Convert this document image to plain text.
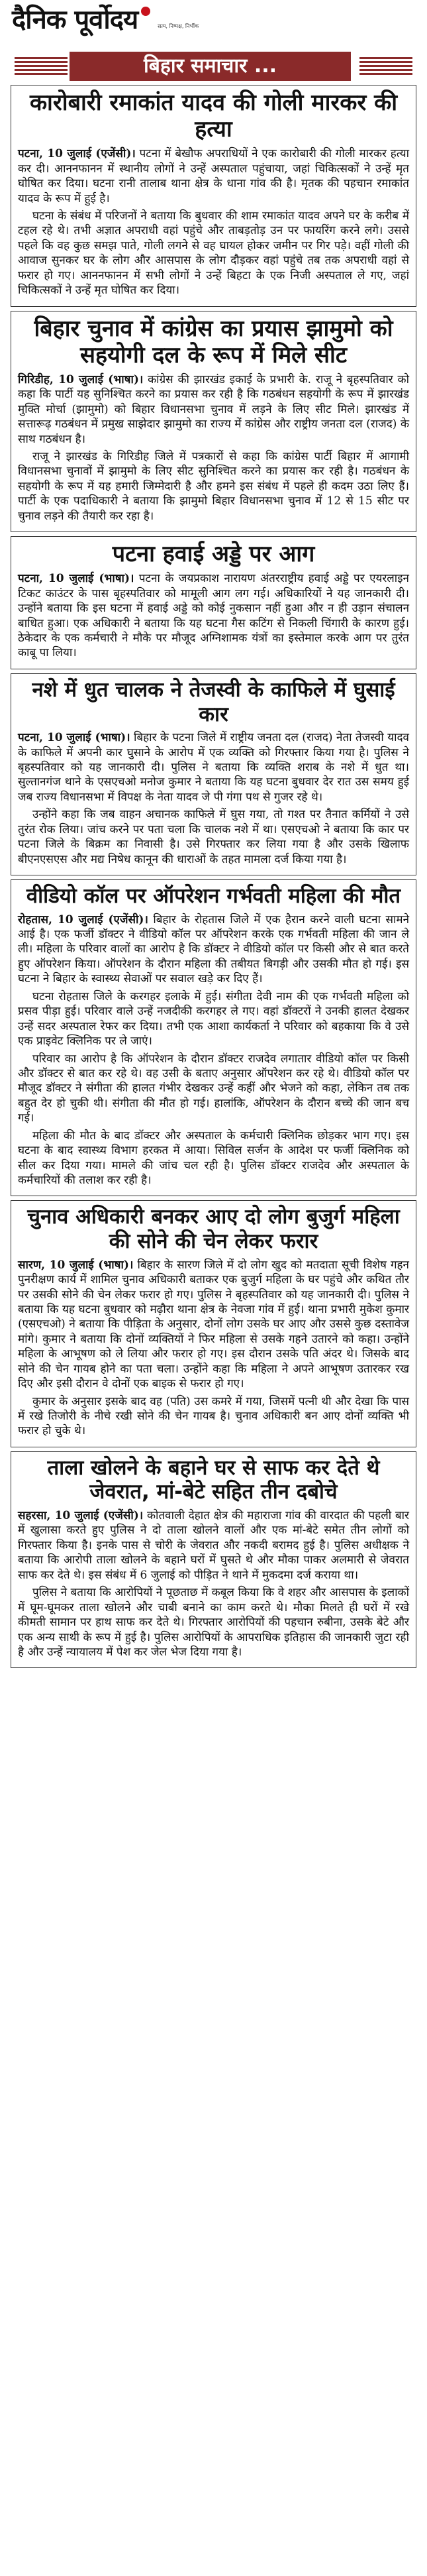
दैनिक पूर्वोदय	सत्य, निष्पक्ष, निर्भीक
बिहार समाचार ...
कारोबारी रमाकांत यादव की गोली मारकर की हत्या

पटना, 10 जुलाई (एजेंसी)। पटना में बेखौफ अपराधियों ने एक कारोबारी की गोली मारकर हत्या कर दी। आननफानन में स्थानीय लोगों ने उन्हें अस्पताल पहुंचाया, जहां चिकित्सकों ने उन्हें मृत घोषित कर दिया। घटना रानी तालाब थाना क्षेत्र के धाना गांव की है। मृतक की पहचान रमाकांत यादव के रूप में हुई है।

घटना के संबंध में परिजनों ने बताया कि बुधवार की शाम रमाकांत यादव अपने घर के करीब में टहल रहे थे। तभी अज्ञात अपराधी वहां पहुंचे और ताबड़तोड़ उन पर फायरिंग करने लगे। उससे पहले कि वह कुछ समझ पाते, गोली लगने से वह घायल होकर जमीन पर गिर पड़े। वहीं गोली की आवाज सुनकर घर के लोग और आसपास के लोग दौड़कर वहां पहुंचे तब तक अपराधी वहां से फरार हो गए। आननफानन में सभी लोगों ने उन्हें बिहटा के एक निजी अस्पताल ले गए, जहां चिकित्सकों ने उन्हें मृत घोषित कर दिया।

बिहार चुनाव में कांग्रेस का प्रयास झामुमो को सहयोगी दल के रूप में मिले सीट

गिरिडीह, 10 जुलाई (भाषा)। कांग्रेस की झारखंड इकाई के प्रभारी के. राजू ने बृहस्पतिवार को कहा कि पार्टी यह सुनिश्चित करने का प्रयास कर रही है कि गठबंधन सहयोगी के रूप में झारखंड मुक्ति मोर्चा (झामुमो) को बिहार विधानसभा चुनाव में लड़ने के लिए सीट मिले। झारखंड में सत्तारूढ़ गठबंधन में प्रमुख साझेदार झामुमो का राज्य में कांग्रेस और राष्ट्रीय जनता दल (राजद) के साथ गठबंधन है।

राजू ने झारखंड के गिरिडीह जिले में पत्रकारों से कहा कि कांग्रेस पार्टी बिहार में आगामी विधानसभा चुनावों में झामुमो के लिए सीट सुनिश्चित करने का प्रयास कर रही है। गठबंधन के सहयोगी के रूप में यह हमारी जिम्मेदारी है और हमने इस संबंध में पहले ही कदम उठा लिए हैं। पार्टी के एक पदाधिकारी ने बताया कि झामुमो बिहार विधानसभा चुनाव में 12 से 15 सीट पर चुनाव लड़ने की तैयारी कर रहा है।

पटना हवाई अड्डे पर आग

पटना, 10 जुलाई (भाषा)। पटना के जयप्रकाश नारायण अंतरराष्ट्रीय हवाई अड्डे पर एयरलाइन टिकट काउंटर के पास बृहस्पतिवार को मामूली आग लग गई। अधिकारियों ने यह जानकारी दी। उन्होंने बताया कि इस घटना में हवाई अड्डे को कोई नुकसान नहीं हुआ और न ही उड़ान संचालन बाधित हुआ। एक अधिकारी ने बताया कि यह घटना गैस कटिंग से निकली चिंगारी के कारण हुई। ठेकेदार के एक कर्मचारी ने मौके पर मौजूद अग्निशामक यंत्रों का इस्तेमाल करके आग पर तुरंत काबू पा लिया।

नशे में धुत चालक ने तेजस्वी के काफिले में घुसाई कार

पटना, 10 जुलाई (भाषा)। बिहार के पटना जिले में राष्ट्रीय जनता दल (राजद) नेता तेजस्वी यादव के काफिले में अपनी कार घुसाने के आरोप में एक व्यक्ति को गिरफ्तार किया गया है। पुलिस ने बृहस्पतिवार को यह जानकारी दी। पुलिस ने बताया कि व्यक्ति शराब के नशे में धुत था। सुल्तानगंज थाने के एसएचओ मनोज कुमार ने बताया कि यह घटना बुधवार देर रात उस समय हुई जब राज्य विधानसभा में विपक्ष के नेता यादव जे पी गंगा पथ से गुजर रहे थे।

उन्होंने कहा कि जब वाहन अचानक काफिले में घुस गया, तो गश्त पर तैनात कर्मियों ने उसे तुरंत रोक लिया। जांच करने पर पता चला कि चालक नशे में था। एसएचओ ने बताया कि कार पर पटना जिले के बिक्रम का निवासी है। उसे गिरफ्तार कर लिया गया है और उसके खिलाफ बीएनएसएस और मद्य निषेध कानून की धाराओं के तहत मामला दर्ज किया गया है।

वीडियो कॉल पर ऑपरेशन गर्भवती महिला की मौत

रोहतास, 10 जुलाई (एजेंसी)। बिहार के रोहतास जिले में एक हैरान करने वाली घटना सामने आई है। एक फर्जी डॉक्टर ने वीडियो कॉल पर ऑपरेशन करके एक गर्भवती महिला की जान ले ली। महिला के परिवार वालों का आरोप है कि डॉक्टर ने वीडियो कॉल पर किसी और से बात करते हुए ऑपरेशन किया। ऑपरेशन के दौरान महिला की तबीयत बिगड़ी और उसकी मौत हो गई। इस घटना ने बिहार के स्वास्थ्य सेवाओं पर सवाल खड़े कर दिए हैं।

घटना रोहतास जिले के करगहर इलाके में हुई। संगीता देवी नाम की एक गर्भवती महिला को प्रसव पीड़ा हुई। परिवार वाले उन्हें नजदीकी करगहर ले गए। वहां डॉक्टरों ने उनकी हालत देखकर उन्हें सदर अस्पताल रेफर कर दिया। तभी एक आशा कार्यकर्ता ने परिवार को बहकाया कि वे उसे एक प्राइवेट क्लिनिक पर ले जाएं।

परिवार का आरोप है कि ऑपरेशन के दौरान डॉक्टर राजदेव लगातार वीडियो कॉल पर किसी और डॉक्टर से बात कर रहे थे। वह उसी के बताए अनुसार ऑपरेशन कर रहे थे। वीडियो कॉल पर मौजूद डॉक्टर ने संगीता की हालत गंभीर देखकर उन्हें कहीं और भेजने को कहा, लेकिन तब तक बहुत देर हो चुकी थी। संगीता की मौत हो गई। हालांकि, ऑपरेशन के दौरान बच्चे की जान बच गई।

महिला की मौत के बाद डॉक्टर और अस्पताल के कर्मचारी क्लिनिक छोड़कर भाग गए। इस घटना के बाद स्वास्थ्य विभाग हरकत में आया। सिविल सर्जन के आदेश पर फर्जी क्लिनिक को सील कर दिया गया। मामले की जांच चल रही है। पुलिस डॉक्टर राजदेव और अस्पताल के कर्मचारियों की तलाश कर रही है।

चुनाव अधिकारी बनकर आए दो लोग बुजुर्ग महिला की सोने की चेन लेकर फरार

सारण, 10 जुलाई (भाषा)। बिहार के सारण जिले में दो लोग खुद को मतदाता सूची विशेष गहन पुनरीक्षण कार्य में शामिल चुनाव अधिकारी बताकर एक बुजुर्ग महिला के घर पहुंचे और कथित तौर पर उसकी सोने की चेन लेकर फरार हो गए। पुलिस ने बृहस्पतिवार को यह जानकारी दी। पुलिस ने बताया कि यह घटना बुधवार को मढ़ौरा थाना क्षेत्र के नेवजा गांव में हुई। थाना प्रभारी मुकेश कुमार (एसएचओ) ने बताया कि पीड़िता के अनुसार, दोनों लोग उसके घर आए और उससे कुछ दस्तावेज मांगे। कुमार ने बताया कि दोनों व्यक्तियों ने फिर महिला से उसके गहने उतारने को कहा। उन्होंने महिला के आभूषण को ले लिया और फरार हो गए। इस दौरान उसके पति अंदर थे। जिसके बाद सोने की चेन गायब होने का पता चला। उन्होंने कहा कि महिला ने अपने आभूषण उतारकर रख दिए और इसी दौरान वे दोनों एक बाइक से फरार हो गए।

कुमार के अनुसार इसके बाद वह (पति) उस कमरे में गया, जिसमें पत्नी थी और देखा कि पास में रखे तिजोरी के नीचे रखी सोने की चेन गायब है। चुनाव अधिकारी बन आए दोनों व्यक्ति भी फरार हो चुके थे।

ताला खोलने के बहाने घर से साफ कर देते थे जेवरात, मां-बेटे सहित तीन दबोचे

सहरसा, 10 जुलाई (एजेंसी)। कोतवाली देहात क्षेत्र की महाराजा गांव की वारदात की पहली बार में खुलासा करते हुए पुलिस ने दो ताला खोलने वालों और एक मां-बेटे समेत तीन लोगों को गिरफ्तार किया है। इनके पास से चोरी के जेवरात और नकदी बरामद हुई है। पुलिस अधीक्षक ने बताया कि आरोपी ताला खोलने के बहाने घरों में घुसते थे और मौका पाकर अलमारी से जेवरात साफ कर देते थे। इस संबंध में 6 जुलाई को पीड़ित ने थाने में मुकदमा दर्ज कराया था।

पुलिस ने बताया कि आरोपियों ने पूछताछ में कबूल किया कि वे शहर और आसपास के इलाकों में घूम-घूमकर ताला खोलने और चाबी बनाने का काम करते थे। मौका मिलते ही घरों में रखे कीमती सामान पर हाथ साफ कर देते थे। गिरफ्तार आरोपियों की पहचान रुबीना, उसके बेटे और एक अन्य साथी के रूप में हुई है। पुलिस आरोपियों के आपराधिक इतिहास की जानकारी जुटा रही है और उन्हें न्यायालय में पेश कर जेल भेज दिया गया है।
